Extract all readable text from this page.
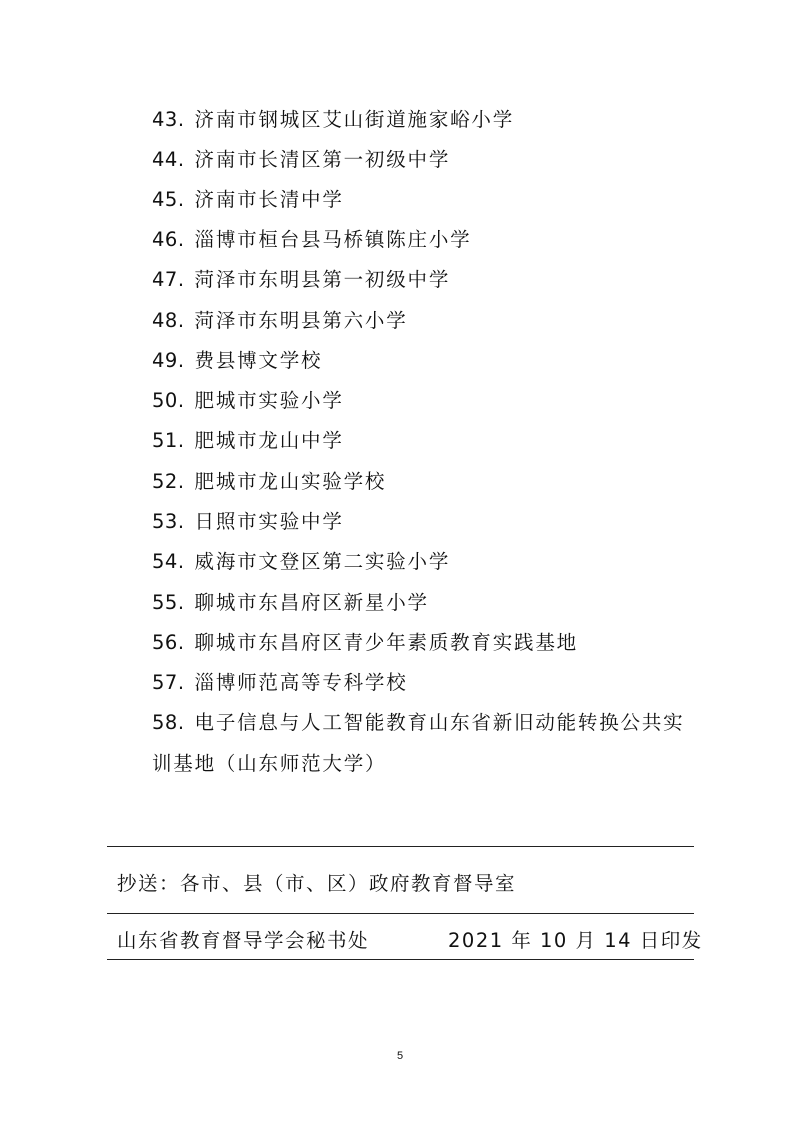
43. 济南市钢城区艾山街道施家峪小学
44. 济南市长清区第一初级中学
45. 济南市长清中学
46. 淄博市桓台县马桥镇陈庄小学
47. 菏泽市东明县第一初级中学
48. 菏泽市东明县第六小学
49. 费县博文学校
50. 肥城市实验小学
51. 肥城市龙山中学
52. 肥城市龙山实验学校
53. 日照市实验中学
54. 威海市文登区第二实验小学
55. 聊城市东昌府区新星小学
56. 聊城市东昌府区青少年素质教育实践基地
57. 淄博师范高等专科学校
58. 电子信息与人工智能教育山东省新旧动能转换公共实
训基地（山东师范大学）
抄送：各市、县（市、区）政府教育督导室
山东省教育督导学会秘书处	2021 年 10 月 14 日印发
5
